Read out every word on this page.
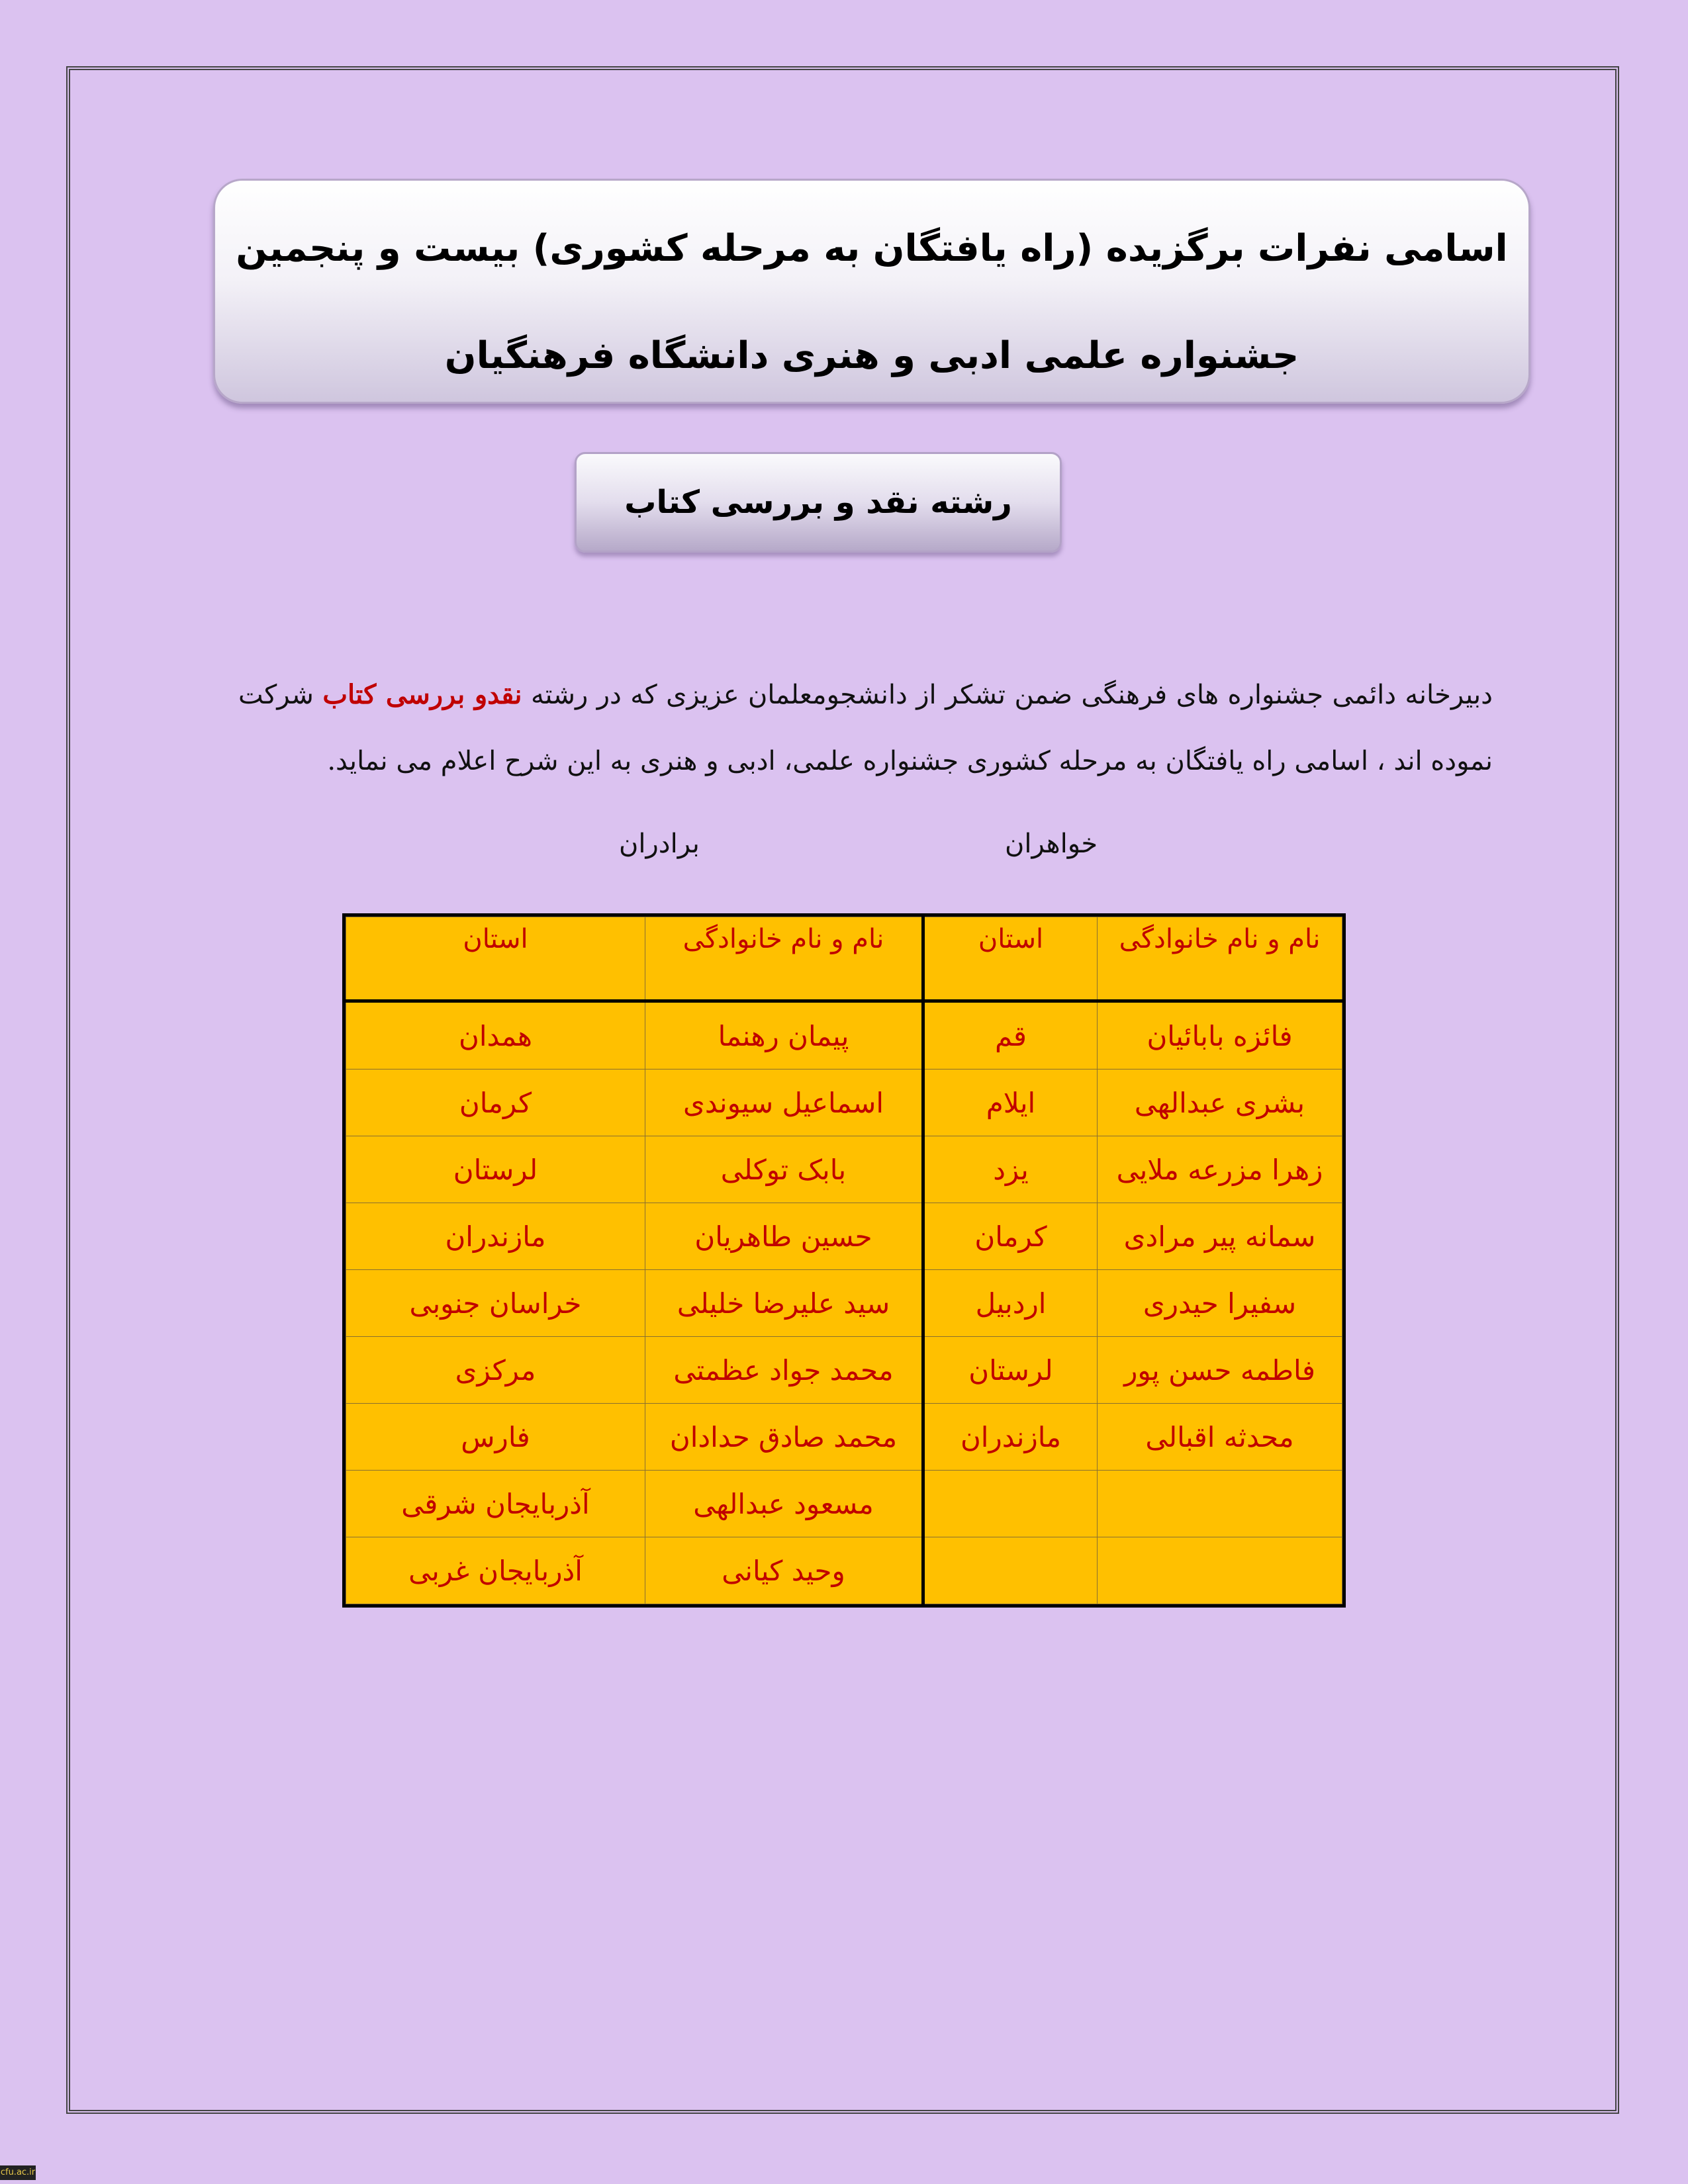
اسامی نفرات برگزیده (راه یافتگان به مرحله کشوری) بیست و پنجمین
جشنواره علمی ادبی و هنری دانشگاه فرهنگیان
رشته نقد و بررسی کتاب
دبیرخانه دائمی جشنواره های فرهنگی ضمن تشکر از دانشجومعلمان عزیزی که در رشته نقدو بررسی کتاب شرکت نموده اند ، اسامی راه یافتگان به مرحله کشوری جشنواره علمی، ادبی و هنری به این شرح اعلام می نماید.
خواهران
برادران
نام و نام خانوادگی	استان	نام و نام خانوادگی	استان
فائزه بابائیان	قم	پیمان رهنما	همدان
بشری عبدالهی	ایلام	اسماعیل سیوندی	کرمان
زهرا مزرعه ملایی	یزد	بابک توکلی	لرستان
سمانه پیر مرادی	کرمان	حسین طاهریان	مازندران
سفیرا حیدری	اردبیل	سید علیرضا خلیلی	خراسان جنوبی
فاطمه حسن پور	لرستان	محمد جواد عظمتی	مرکزی
محدثه اقبالی	مازندران	محمد صادق حدادان	فارس
		مسعود عبدالهی	آذربایجان شرقی
		وحید کیانی	آذربایجان غربی
cfu.ac.ir
